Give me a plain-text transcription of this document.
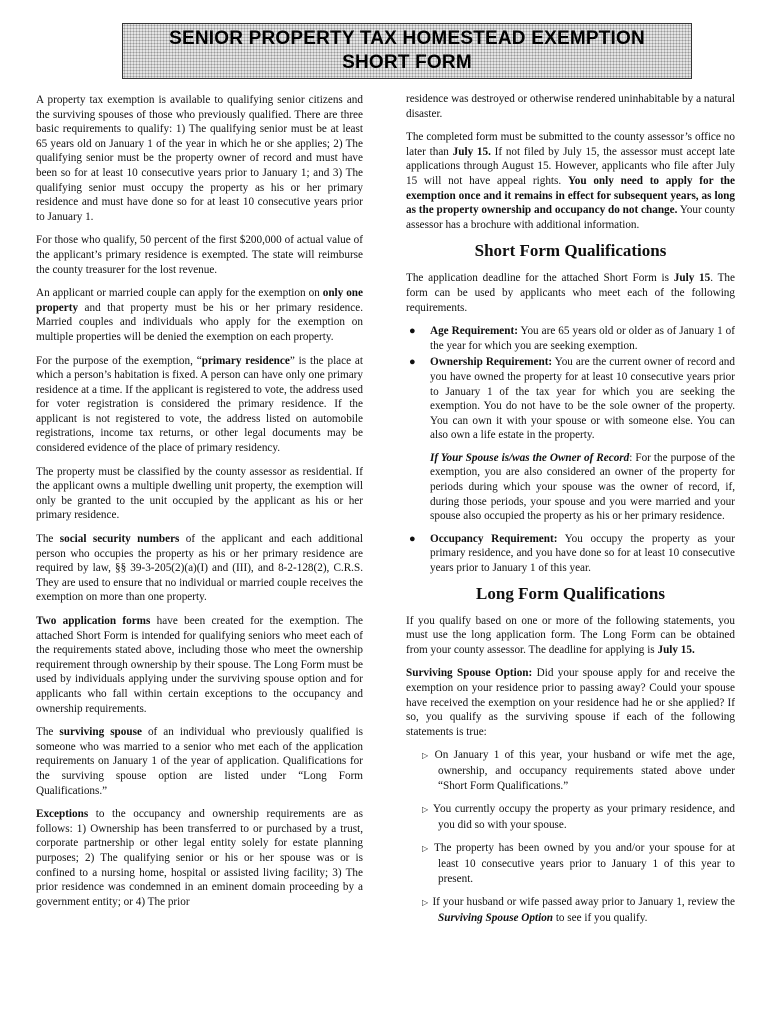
SENIOR PROPERTY TAX HOMESTEAD EXEMPTION
SHORT FORM

A property tax exemption is available to qualifying senior citizens and the surviving spouses of those who previously qualified. There are three basic requirements to qualify: 1) The qualifying senior must be at least 65 years old on January 1 of the year in which he or she applies; 2) The qualifying senior must be the property owner of record and must have been so for at least 10 consecutive years prior to January 1; and 3) The qualifying senior must occupy the property as his or her primary residence and must have done so for at least 10 consecutive years prior to January 1.

For those who qualify, 50 percent of the first $200,000 of actual value of the applicant’s primary residence is exempted. The state will reimburse the county treasurer for the lost revenue.

An applicant or married couple can apply for the exemption on only one property and that property must be his or her primary residence. Married couples and individuals who apply for the exemption on multiple properties will be denied the exemption on each property.

For the purpose of the exemption, “primary residence” is the place at which a person’s habitation is fixed. A person can have only one primary residence at a time. If the applicant is registered to vote, the address used for voter registration is considered the primary residence. If the applicant is not registered to vote, the address listed on automobile registrations, income tax returns, or other legal documents may be considered evidence of the place of primary residency.

The property must be classified by the county assessor as residential. If the applicant owns a multiple dwelling unit property, the exemption will only be granted to the unit occupied by the applicant as his or her primary residence.

The social security numbers of the applicant and each additional person who occupies the property as his or her primary residence are required by law, §§ 39-3-205(2)(a)(I) and (III), and 8-2-128(2), C.R.S. They are used to ensure that no individual or married couple receives the exemption on more than one property.

Two application forms have been created for the exemption. The attached Short Form is intended for qualifying seniors who meet each of the requirements stated above, including those who meet the ownership requirement through ownership by their spouse. The Long Form must be used by individuals applying under the surviving spouse option and for applicants who fall within certain exceptions to the occupancy and ownership requirements.

The surviving spouse of an individual who previously qualified is someone who was married to a senior who met each of the application requirements on January 1 of the year of application. Qualifications for the surviving spouse option are listed under “Long Form Qualifications.”

Exceptions to the occupancy and ownership requirements are as follows: 1) Ownership has been transferred to or purchased by a trust, corporate partnership or other legal entity solely for estate planning purposes; 2) The qualifying senior or his or her spouse was or is confined to a nursing home, hospital or assisted living facility; 3) The prior residence was condemned in an eminent domain proceeding by a government entity; or 4) The prior

residence was destroyed or otherwise rendered uninhabitable by a natural disaster.

The completed form must be submitted to the county assessor’s office no later than July 15. If not filed by July 15, the assessor must accept late applications through August 15. However, applicants who file after July 15 will not have appeal rights. You only need to apply for the exemption once and it remains in effect for subsequent years, as long as the property ownership and occupancy do not change. Your county assessor has a brochure with additional information.

Short Form Qualifications

The application deadline for the attached Short Form is July 15. The form can be used by applicants who meet each of the following requirements.

● Age Requirement: You are 65 years old or older as of January 1 of the year for which you are seeking exemption.
● Ownership Requirement: You are the current owner of record and you have owned the property for at least 10 consecutive years prior to January 1 of the tax year for which you are seeking the exemption. You do not have to be the sole owner of the property. You can own it with your spouse or with someone else. You can also own a life estate in the property.
If Your Spouse is/was the Owner of Record: For the purpose of the exemption, you are also considered an owner of the property for periods during which your spouse was the owner of record, if, during those periods, your spouse and you were married and your spouse also occupied the property as his or her primary residence.
● Occupancy Requirement: You occupy the property as your primary residence, and you have done so for at least 10 consecutive years prior to January 1 of this year.
Long Form Qualifications

If you qualify based on one or more of the following statements, you must use the long application form. The Long Form can be obtained from your county assessor. The deadline for applying is July 15.

Surviving Spouse Option: Did your spouse apply for and receive the exemption on your residence prior to passing away? Could your spouse have received the exemption on your residence had he or she applied? If so, you qualify as the surviving spouse if each of the following statements is true:

▷ On January 1 of this year, your husband or wife met the age, ownership, and occupancy requirements stated above under “Short Form Qualifications.”
▷ You currently occupy the property as your primary residence, and you did so with your spouse.
▷ The property has been owned by you and/or your spouse for at least 10 consecutive years prior to January 1 of this year to present.
▷ If your husband or wife passed away prior to January 1, review the Surviving Spouse Option to see if you qualify.
